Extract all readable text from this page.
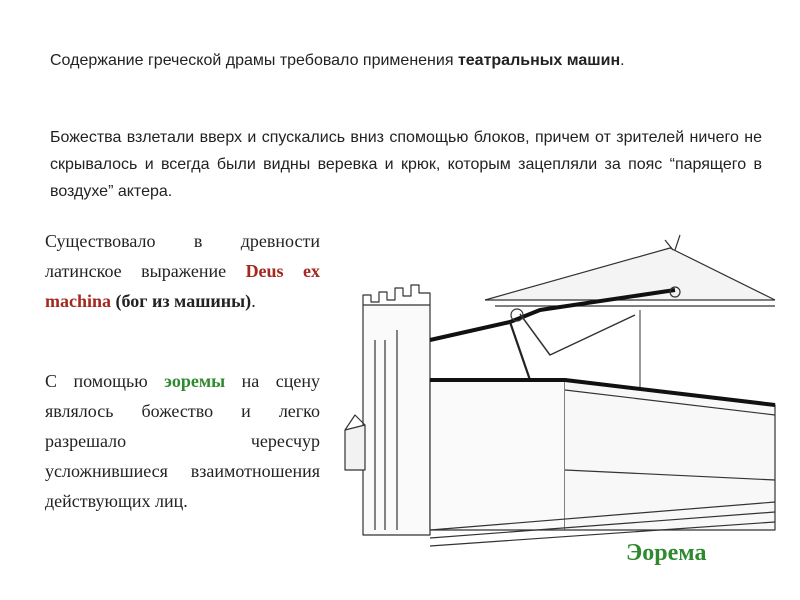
Содержание греческой драмы требовало применения театральных машин.

Божества взлетали вверх и спускались вниз спомощью блоков, причем от зрителей ничего не скрывалось и всегда были видны веревка и крюк, которым зацепляли за пояс “парящего в воздухе” актера.

Существовало в древности латинское выражение Deus ex machina (бог из машины).

С помощью эоремы на сцену являлось божество и легко разрешало чересчур усложнившиеся взаимотношения действующих лиц.

Эорема
